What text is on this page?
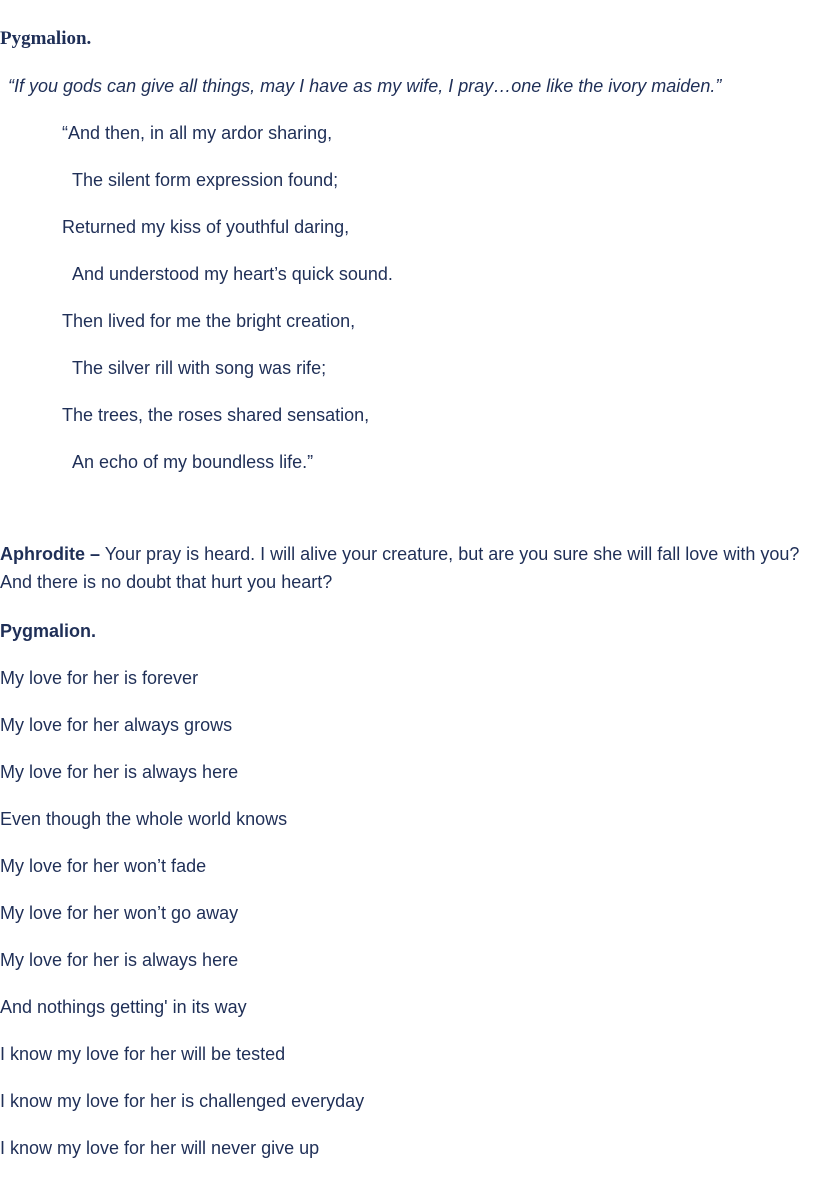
Pygmalion.
“If you gods can give all things, may I have as my wife, I pray…one like the ivory maiden.”
“And then, in all my ardor sharing,
The silent form expression found;
Returned my kiss of youthful daring,
And understood my heart’s quick sound.
Then lived for me the bright creation,
The silver rill with song was rife;
The trees, the roses shared sensation,
An echo of my boundless life.”
Aphrodite – Your pray is heard. I will alive your creature, but are you sure she will fall love with you? And there is no doubt that hurt you heart?
Pygmalion.
My love for her is forever
My love for her always grows
My love for her is always here
Even though the whole world knows
My love for her won’t fade
My love for her won’t go away
My love for her is always here
And nothings getting' in its way
I know my love for her will be tested
I know my love for her is challenged everyday
I know my love for her will never give up
